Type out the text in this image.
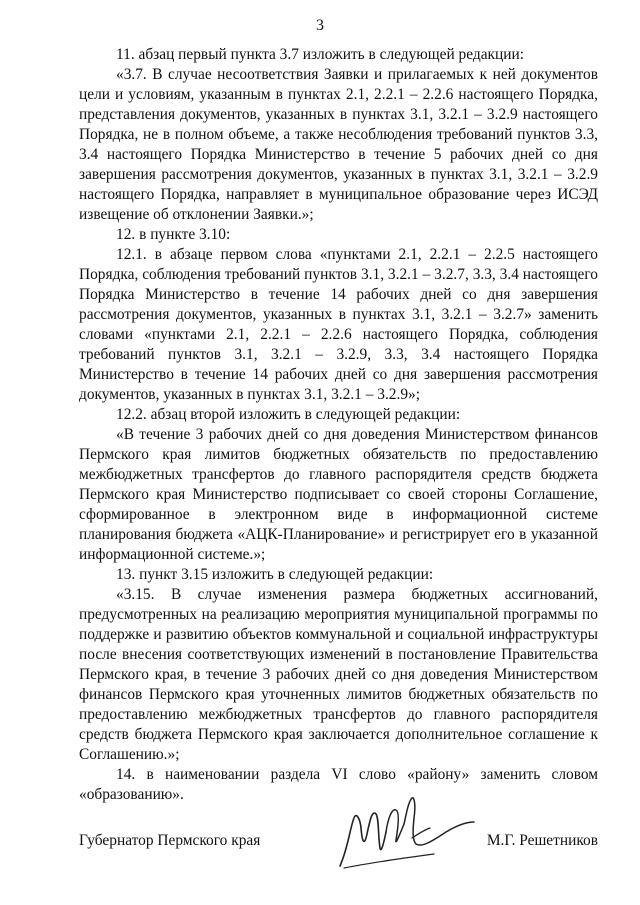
3

11. абзац первый пункта 3.7 изложить в следующей редакции:

«3.7. В случае несоответствия Заявки и прилагаемых к ней документов цели и условиям, указанным в пунктах 2.1, 2.2.1 – 2.2.6 настоящего Порядка, представления документов, указанных в пунктах 3.1, 3.2.1 – 3.2.9 настоящего Порядка, не в полном объеме, а также несоблюдения требований пунктов 3.3, 3.4 настоящего Порядка Министерство в течение 5 рабочих дней со дня завершения рассмотрения документов, указанных в пунктах 3.1, 3.2.1 – 3.2.9 настоящего Порядка, направляет в муниципальное образование через ИСЭД извещение об отклонении Заявки.»;

12. в пункте 3.10:

12.1. в абзаце первом слова «пунктами 2.1, 2.2.1 – 2.2.5 настоящего Порядка, соблюдения требований пунктов 3.1, 3.2.1 – 3.2.7, 3.3, 3.4 настоящего Порядка Министерство в течение 14 рабочих дней со дня завершения рассмотрения документов, указанных в пунктах 3.1, 3.2.1 – 3.2.7» заменить словами «пунктами 2.1, 2.2.1 – 2.2.6 настоящего Порядка, соблюдения требований пунктов 3.1, 3.2.1 – 3.2.9, 3.3, 3.4 настоящего Порядка Министерство в течение 14 рабочих дней со дня завершения рассмотрения документов, указанных в пунктах 3.1, 3.2.1 – 3.2.9»;

12.2. абзац второй изложить в следующей редакции:

«В течение 3 рабочих дней со дня доведения Министерством финансов Пермского края лимитов бюджетных обязательств по предоставлению межбюджетных трансфертов до главного распорядителя средств бюджета Пермского края Министерство подписывает со своей стороны Соглашение, сформированное в электронном виде в информационной системе планирования бюджета «АЦК-Планирование» и регистрирует его в указанной информационной системе.»;

13. пункт 3.15 изложить в следующей редакции:

«3.15. В случае изменения размера бюджетных ассигнований, предусмотренных на реализацию мероприятия муниципальной программы по поддержке и развитию объектов коммунальной и социальной инфраструктуры после внесения соответствующих изменений в постановление Правительства Пермского края, в течение 3 рабочих дней со дня доведения Министерством финансов Пермского края уточненных лимитов бюджетных обязательств по предоставлению межбюджетных трансфертов до главного распорядителя средств бюджета Пермского края заключается дополнительное соглашение к Соглашению.»;

14. в наименовании раздела VI слово «району» заменить словом «образованию».

Губернатор Пермского края	М.Г. Решетников
